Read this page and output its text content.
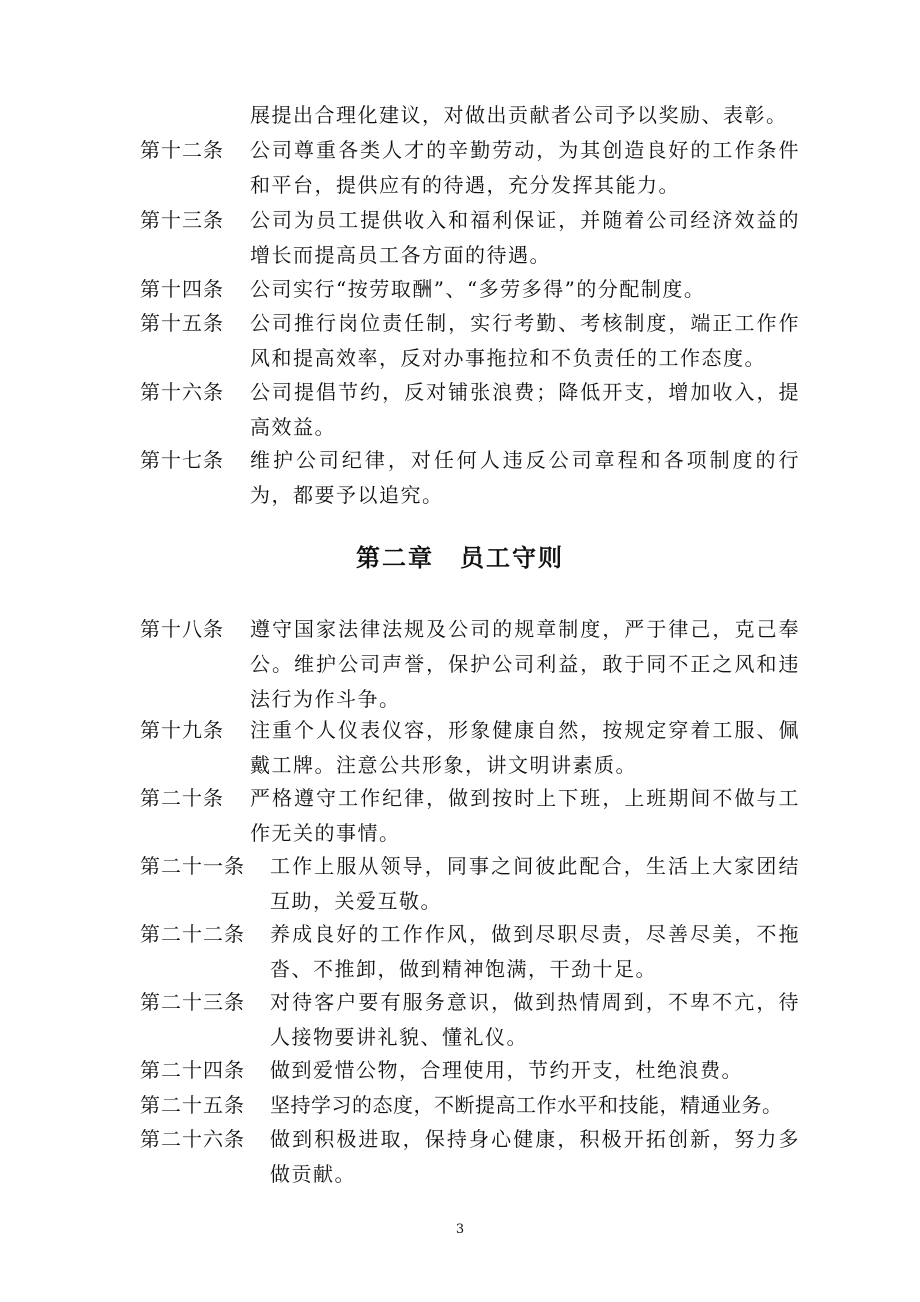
展提出合理化建议，对做出贡献者公司予以奖励、表彰。
第十二条 公司尊重各类人才的辛勤劳动，为其创造良好的工作条件和平台，提供应有的待遇，充分发挥其能力。
第十三条 公司为员工提供收入和福利保证，并随着公司经济效益的增长而提高员工各方面的待遇。
第十四条 公司实行“按劳取酬”、“多劳多得”的分配制度。
第十五条 公司推行岗位责任制，实行考勤、考核制度，端正工作作风和提高效率，反对办事拖拉和不负责任的工作态度。
第十六条 公司提倡节约，反对铺张浪费；降低开支，增加收入，提高效益。
第十七条 维护公司纪律，对任何人违反公司章程和各项制度的行为，都要予以追究。
第二章 员工守则
第十八条 遵守国家法律法规及公司的规章制度，严于律己，克己奉公。维护公司声誉，保护公司利益，敢于同不正之风和违法行为作斗争。
第十九条 注重个人仪表仪容，形象健康自然，按规定穿着工服、佩戴工牌。注意公共形象，讲文明讲素质。
第二十条 严格遵守工作纪律，做到按时上下班，上班期间不做与工作无关的事情。
第二十一条 工作上服从领导，同事之间彼此配合，生活上大家团结互助，关爱互敬。
第二十二条 养成良好的工作作风，做到尽职尽责，尽善尽美，不拖沓、不推卸，做到精神饱满，干劲十足。
第二十三条 对待客户要有服务意识，做到热情周到，不卑不亢，待人接物要讲礼貌、懂礼仪。
第二十四条 做到爱惜公物，合理使用，节约开支，杜绝浪费。
第二十五条 坚持学习的态度，不断提高工作水平和技能，精通业务。
第二十六条 做到积极进取，保持身心健康，积极开拓创新，努力多做贡献。
3
